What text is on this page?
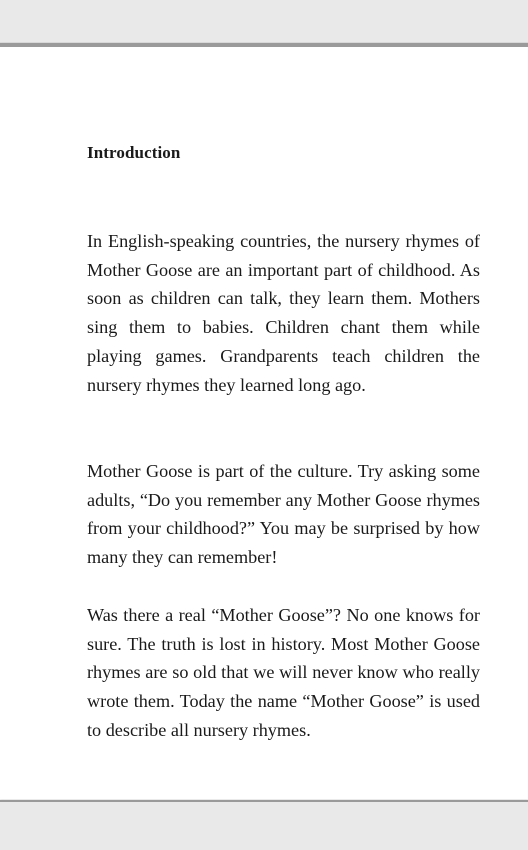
Introduction

In English-speaking countries, the nursery rhymes of Mother Goose are an important part of childhood. As soon as children can talk, they learn them. Mothers sing them to babies. Children chant them while playing games. Grandparents teach children the nursery rhymes they learned long ago.

Mother Goose is part of the culture. Try asking some adults, “Do you remember any Mother Goose rhymes from your childhood?” You may be surprised by how many they can remember!

Was there a real “Mother Goose”? No one knows for sure. The truth is lost in history. Most Mother Goose rhymes are so old that we will never know who really wrote them. Today the name “Mother Goose” is used to describe all nursery rhymes.
